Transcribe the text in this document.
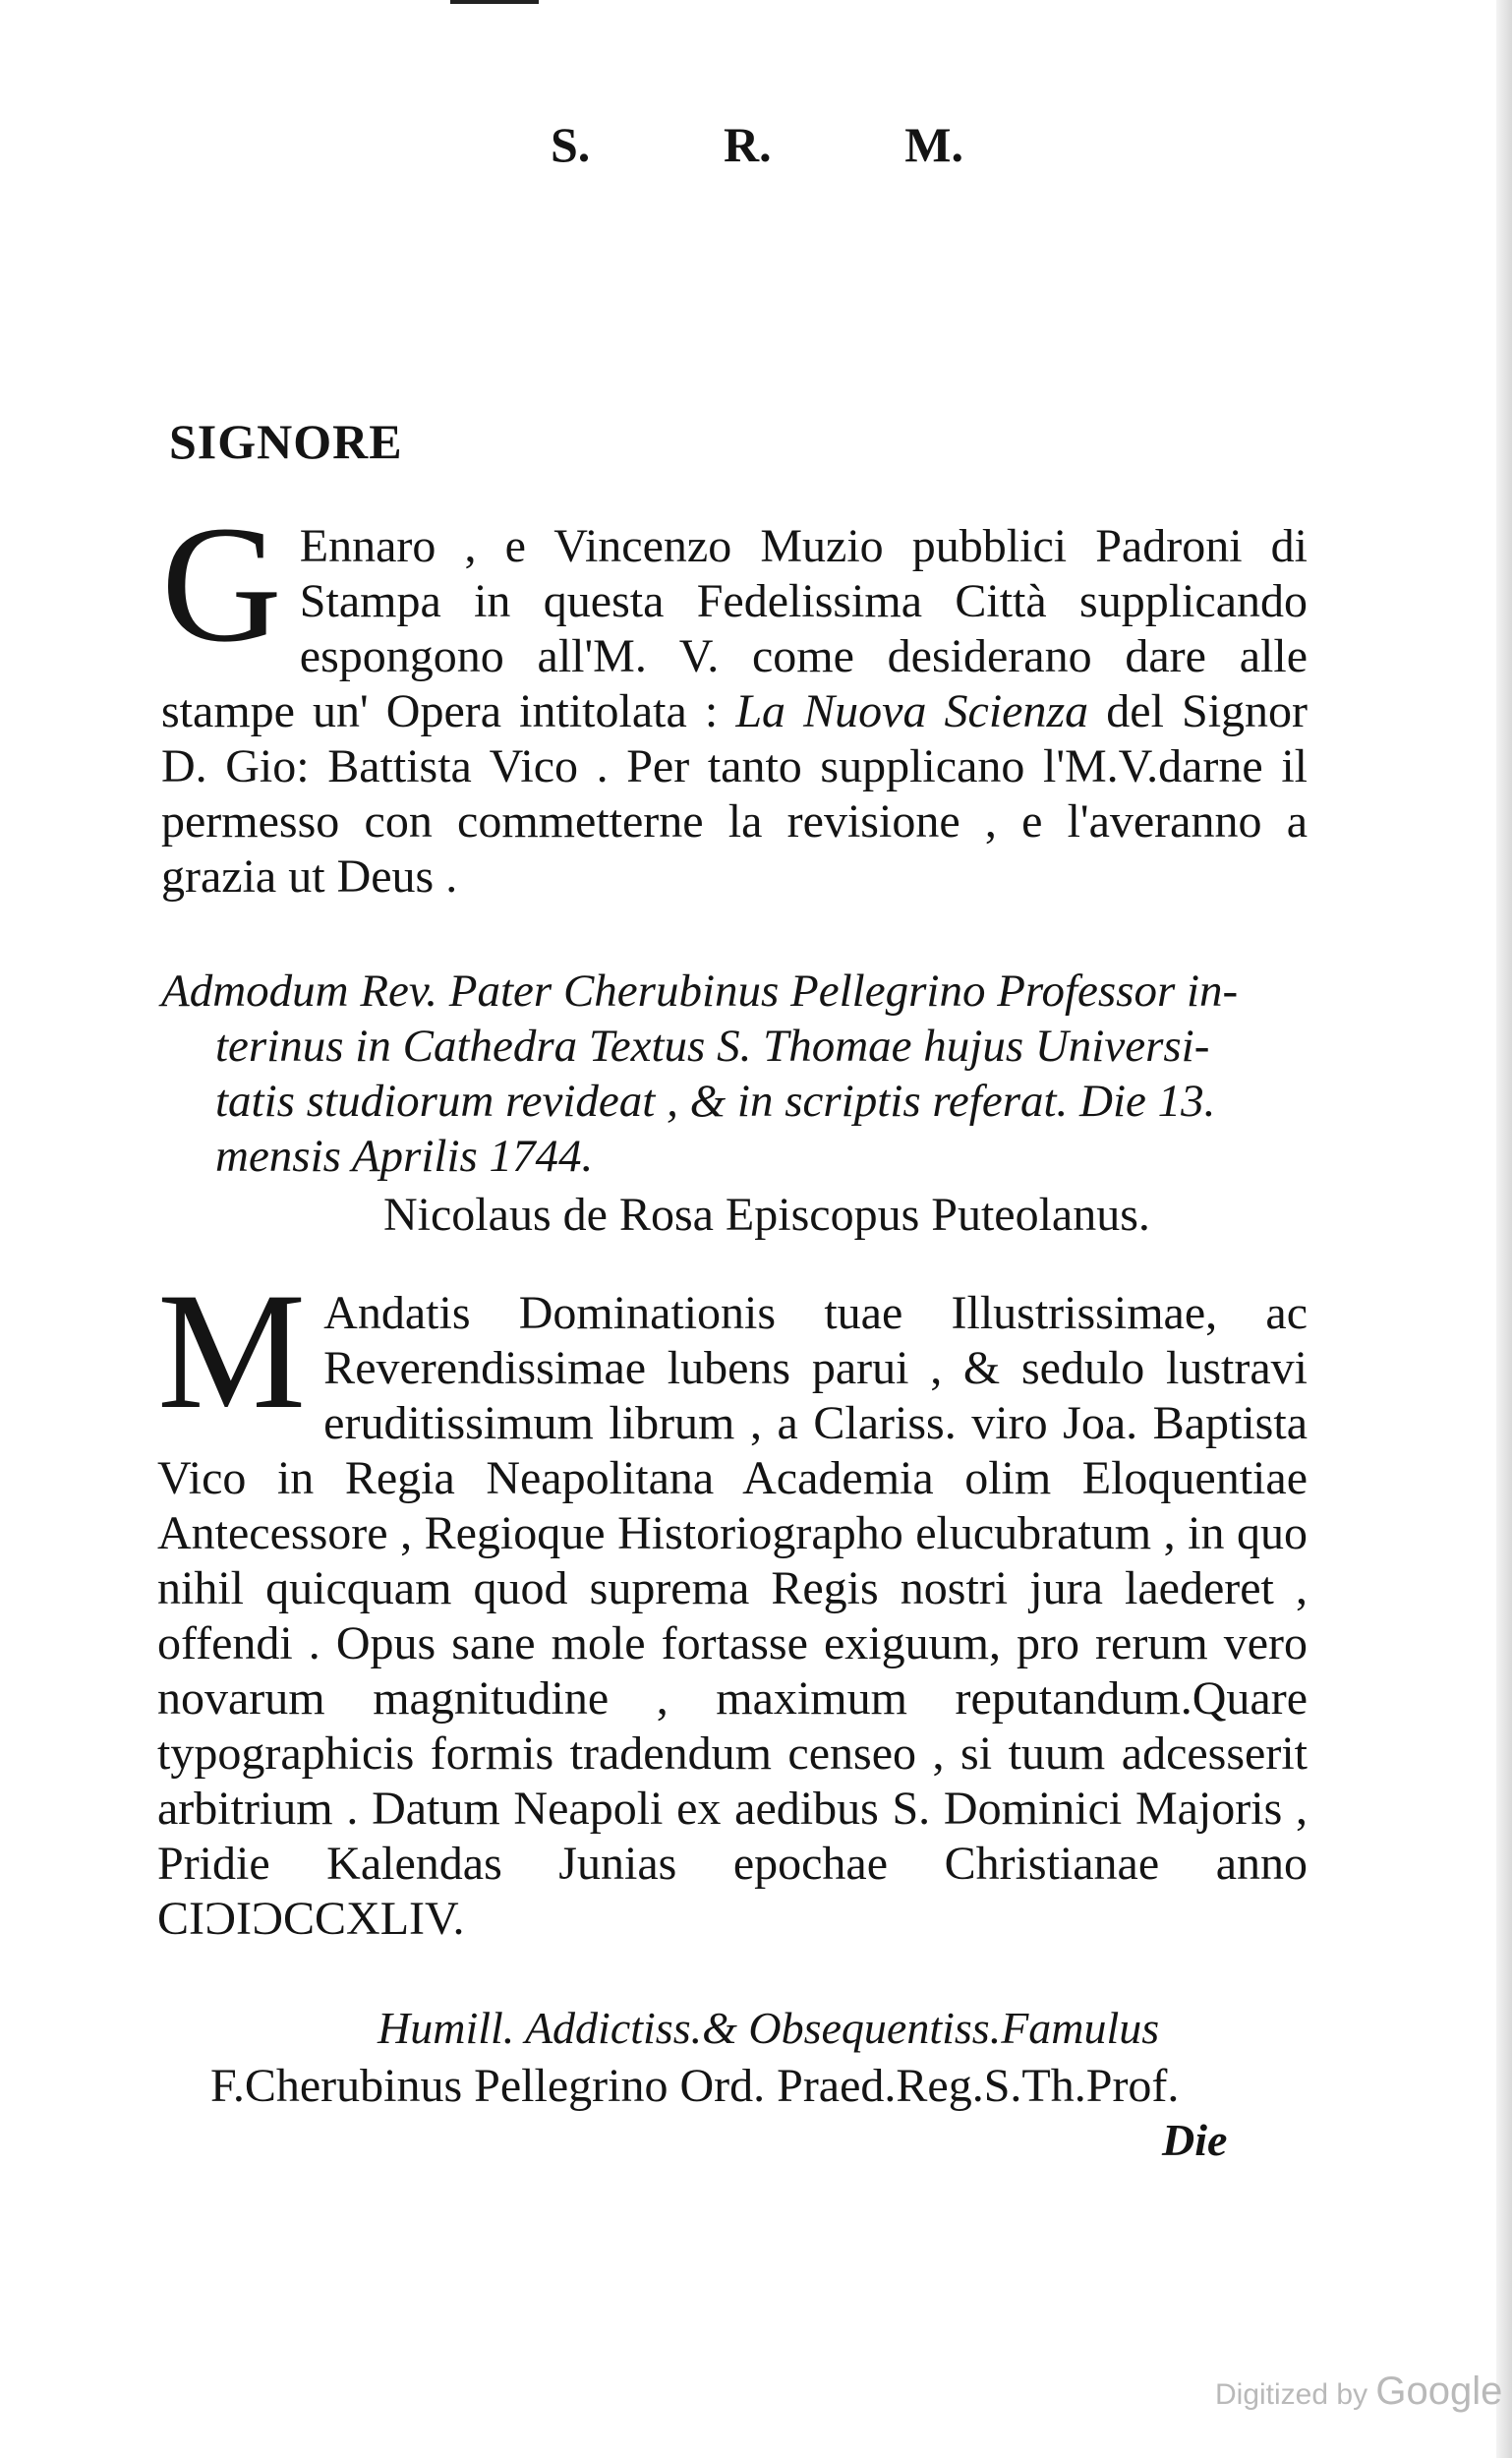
S.	R.	M.
SIGNORE

G Ennaro , e Vincenzo Muzio pubblici Padroni di Stampa in questa Fedelissima Città supplicando espongono all'M. V. come desiderano dare alle stampe un' Opera intitolata : La Nuova Scienza del Signor D. Gio: Battista Vico . Per tanto supplicano l'M.V.darne il permesso con commetterne la revisione , e l'averanno a grazia ut Deus .

Admodum Rev. Pater Cherubinus Pellegrino Professor in-
terinus in Cathedra Textus S. Thomae hujus Universi-
tatis studiorum revideat , & in scriptis referat. Die 13.
mensis Aprilis 1744.
Nicolaus de Rosa Episcopus Puteolanus.

M Andatis Dominationis tuae Illustrissimae, ac Reverendissimae lubens parui , & sedulo lustravi eruditissimum librum , a Clariss. viro Joa. Baptista Vico in Regia Neapolitana Academia olim Eloquentiae Antecessore , Regioque Historiographo elucubratum , in quo nihil quicquam quod suprema Regis nostri jura laederet , offendi . Opus sane mole fortasse exiguum, pro rerum vero novarum magnitudine , maximum reputandum.Quare typographicis formis tradendum censeo , si tuum adcesserit arbitrium . Datum Neapoli ex aedibus S. Dominici Majoris , Pridie Kalendas Junias epochae Christianae anno CIƆIƆCCXLIV.

Humill. Addictiss.& Obsequentiss.Famulus
F.Cherubinus Pellegrino Ord. Praed.Reg.S.Th.Prof.
Die
Digitized by Google
